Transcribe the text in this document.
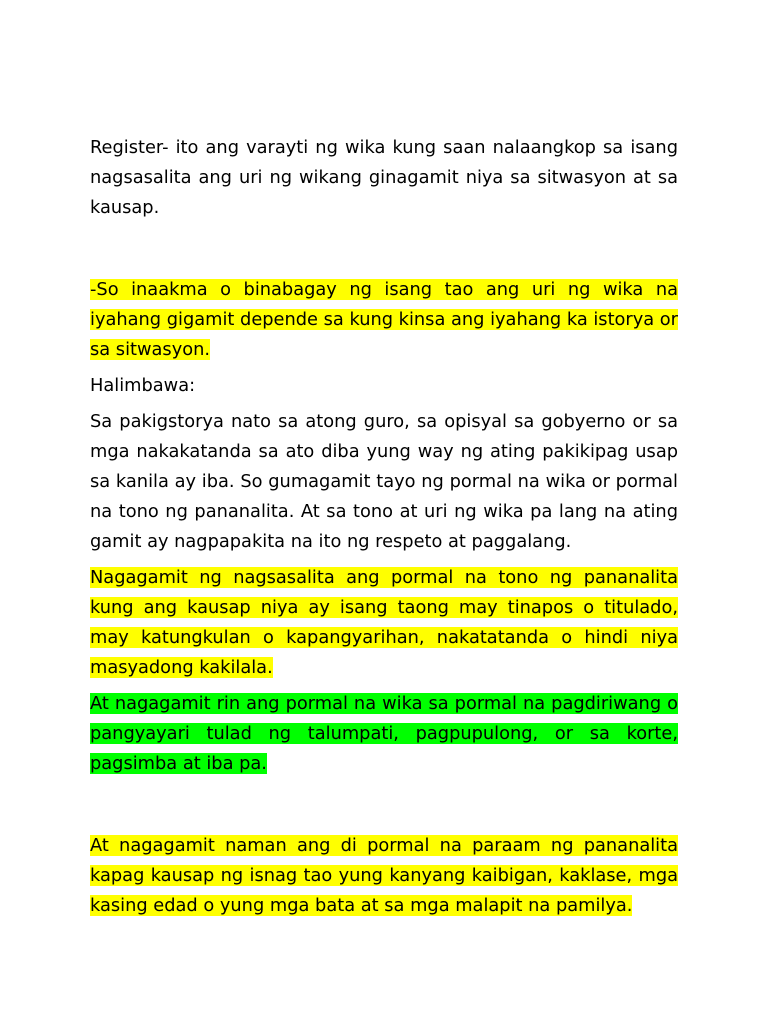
Register- ito ang varayti ng wika kung saan nalaangkop sa isang nagsasalita ang uri ng wikang ginagamit niya sa sitwasyon at sa kausap.

-So inaakma o binabagay ng isang tao ang uri ng wika na iyahang gigamit depende sa kung kinsa ang iyahang ka istorya or sa sitwasyon.

Halimbawa:

Sa pakigstorya nato sa atong guro, sa opisyal sa gobyerno or sa mga nakakatanda sa ato diba yung way ng ating pakikipag usap sa kanila ay iba. So gumagamit tayo ng pormal na wika or pormal na tono ng pananalita. At sa tono at uri ng wika pa lang na ating gamit ay nagpapakita na ito ng respeto at paggalang.

Nagagamit ng nagsasalita ang pormal na tono ng pananalita kung ang kausap niya ay isang taong may tinapos o titulado, may katungkulan o kapangyarihan, nakatatanda o hindi niya masyadong kakilala.

At nagagamit rin ang pormal na wika sa pormal na pagdiriwang o pangyayari tulad ng talumpati, pagpupulong, or sa korte, pagsimba at iba pa.

At nagagamit naman ang di pormal na paraam ng pananalita kapag kausap ng isnag tao yung kanyang kaibigan, kaklase, mga kasing edad o yung mga bata at sa mga malapit na pamilya.
